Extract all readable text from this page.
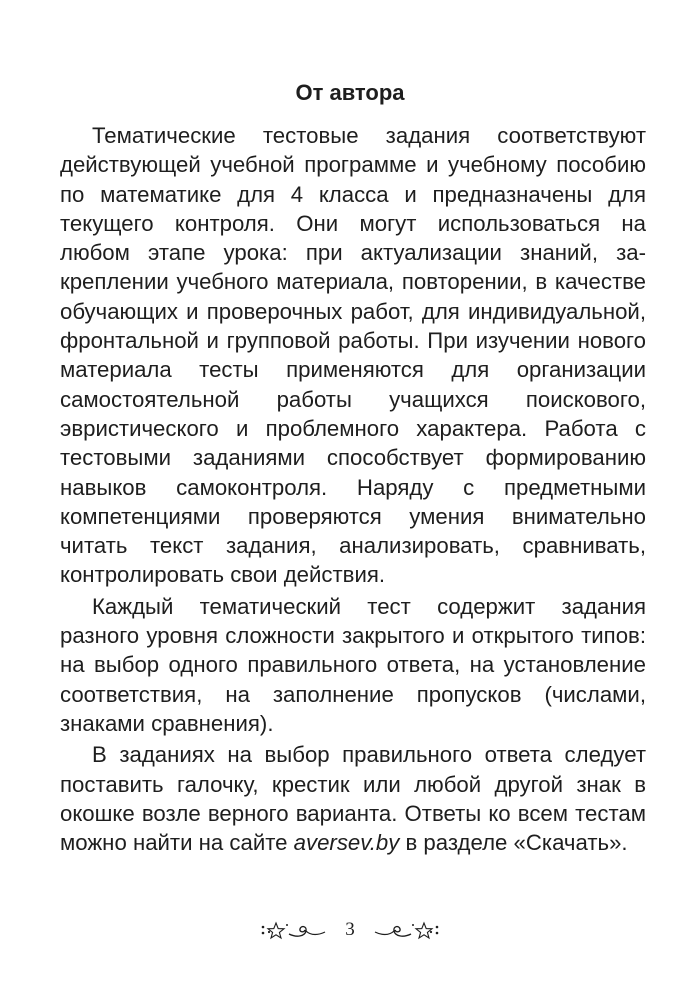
От автора

Тематические тестовые задания соответствуют действующей учебной программе и учебному пособию по математике для 4 класса и предназначены для текущего контроля. Они могут использоваться на любом этапе урока: при актуализации знаний, закреплении учебного материала, повторении, в качестве обучающих и проверочных работ, для индивидуальной, фронтальной и групповой работы. При изучении нового материала тесты применяются для организации самостоятельной работы учащихся поискового, эвристического и проблемного характера. Работа с тестовыми заданиями способствует формированию навыков самоконтроля. Наряду с предметными компетенциями проверяются умения внимательно читать текст задания, анализировать, сравнивать, контролировать свои действия.

Каждый тематический тест содержит задания разного уровня сложности закрытого и открытого типов: на выбор одного правильного ответа, на установление соответствия, на заполнение пропусков (числами, знаками сравнения).

В заданиях на выбор правильного ответа следует поставить галочку, крестик или любой другой знак в окошке возле верного варианта. Ответы ко всем тестам можно найти на сайте aversev.by в разделе «Скачать».

3
